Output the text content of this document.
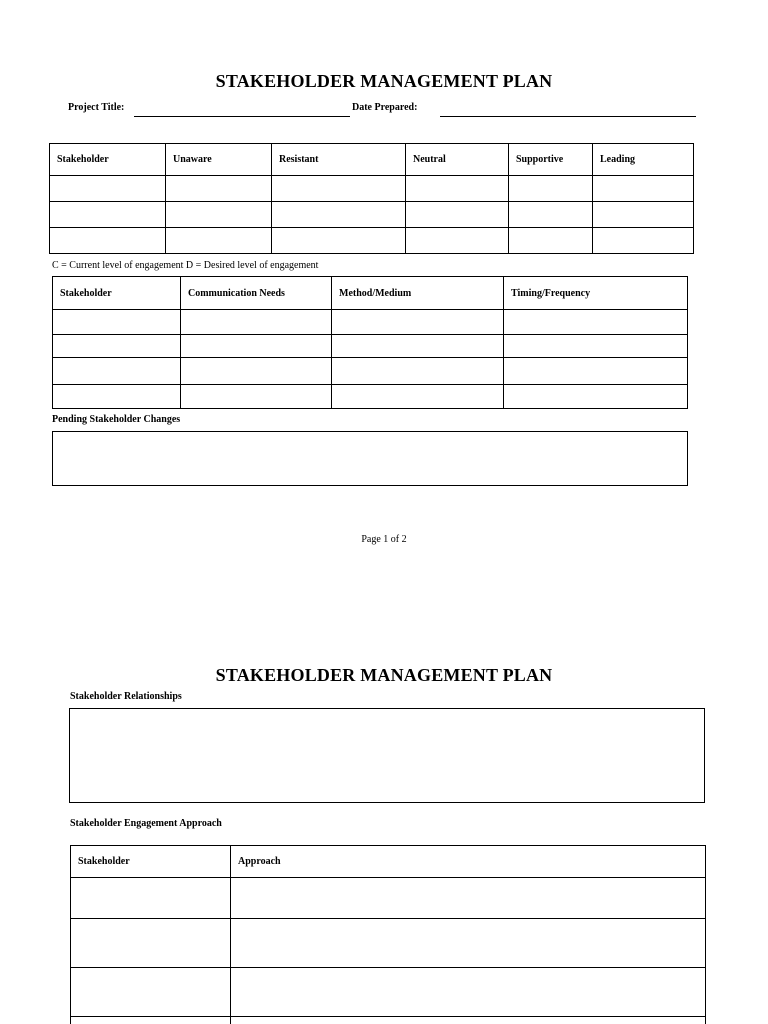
STAKEHOLDER MANAGEMENT PLAN
Project Title:	Date Prepared:
Stakeholder	Unaware	Resistant	Neutral	Supportive	Leading

C = Current level of engagement D = Desired level of engagement
Stakeholder	Communication Needs	Method/Medium	Timing/Frequency

Pending Stakeholder Changes
Page 1 of 2
STAKEHOLDER MANAGEMENT PLAN
Stakeholder Relationships
Stakeholder Engagement Approach
Stakeholder	Approach
